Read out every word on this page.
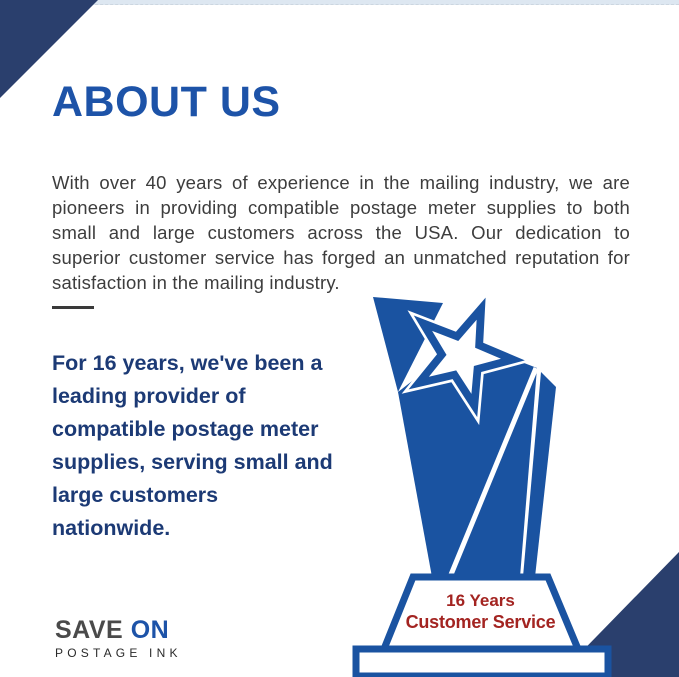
ABOUT US

With over 40 years of experience in the mailing industry, we are pioneers in providing compatible postage meter supplies to both small and large customers across the USA. Our dedication to superior customer service has forged an unmatched reputation for satisfaction in the mailing industry.

For 16 years, we've been a
leading provider of
compatible postage meter
supplies, serving small and
large customers
nationwide.
16 Years
Customer Service
SAVE ON
POSTAGE INK
